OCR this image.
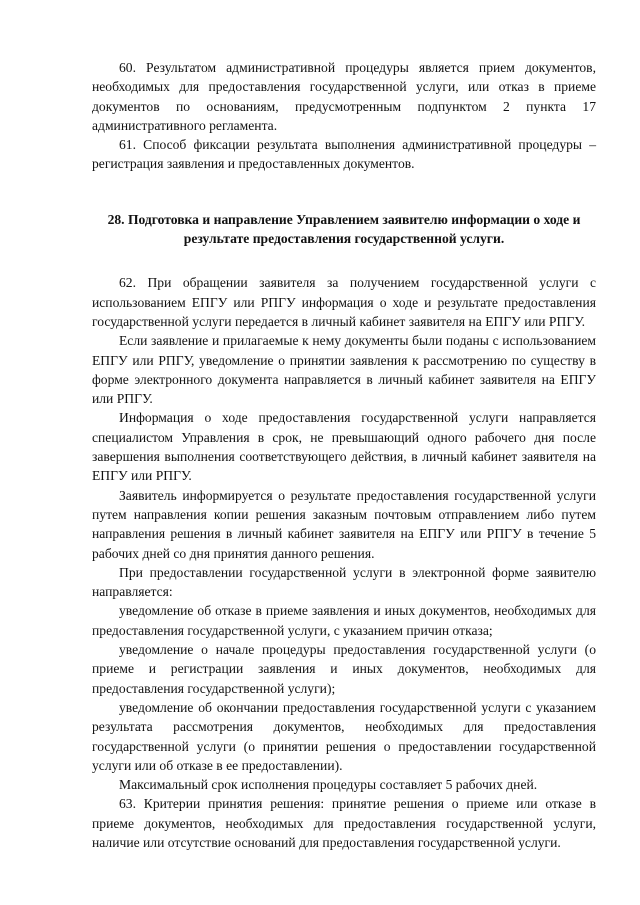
60. Результатом административной процедуры является прием документов, необходимых для предоставления государственной услуги, или отказ в приеме документов по основаниям, предусмотренным подпунктом 2 пункта 17 административного регламента.

61. Способ фиксации результата выполнения административной процедуры – регистрация заявления и предоставленных документов.

28. Подготовка и направление Управлением заявителю информации о ходе и результате предоставления государственной услуги.

62. При обращении заявителя за получением государственной услуги с использованием ЕПГУ или РПГУ информация о ходе и результате предоставления государственной услуги передается в личный кабинет заявителя на ЕПГУ или РПГУ.

Если заявление и прилагаемые к нему документы были поданы с использованием ЕПГУ или РПГУ, уведомление о принятии заявления к рассмотрению по существу в форме электронного документа направляется в личный кабинет заявителя на ЕПГУ или РПГУ.

Информация о ходе предоставления государственной услуги направляется специалистом Управления в срок, не превышающий одного рабочего дня после завершения выполнения соответствующего действия, в личный кабинет заявителя на ЕПГУ или РПГУ.

Заявитель информируется о результате предоставления государственной услуги путем направления копии решения заказным почтовым отправлением либо путем направления решения в личный кабинет заявителя на ЕПГУ или РПГУ в течение 5 рабочих дней со дня принятия данного решения.

При предоставлении государственной услуги в электронной форме заявителю направляется:

уведомление об отказе в приеме заявления и иных документов, необходимых для предоставления государственной услуги, с указанием причин отказа;

уведомление о начале процедуры предоставления государственной услуги (о приеме и регистрации заявления и иных документов, необходимых для предоставления государственной услуги);

уведомление об окончании предоставления государственной услуги с указанием результата рассмотрения документов, необходимых для предоставления государственной услуги (о принятии решения о предоставлении государственной услуги или об отказе в ее предоставлении).

Максимальный срок исполнения процедуры составляет 5 рабочих дней.

63. Критерии принятия решения: принятие решения о приеме или отказе в приеме документов, необходимых для предоставления государственной услуги, наличие или отсутствие оснований для предоставления государственной услуги.
